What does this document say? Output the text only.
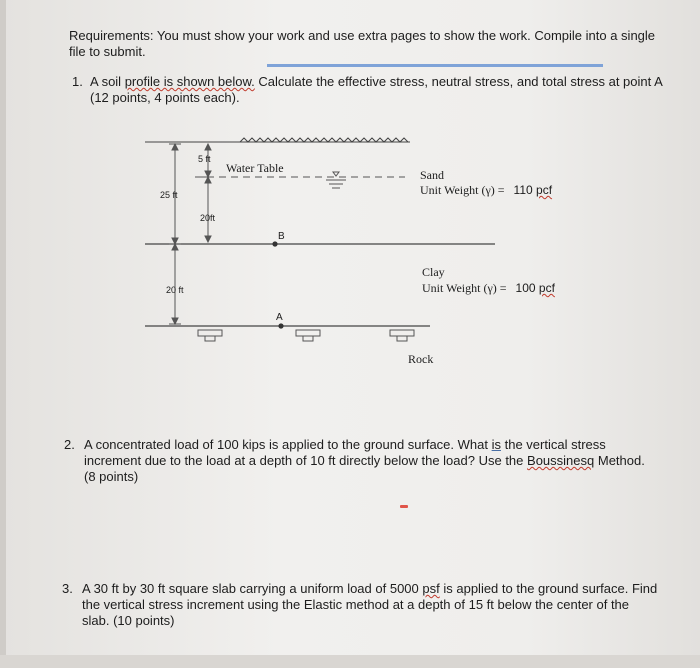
Requirements: You must show your work and use extra pages to show the work. Compile into a single
file to submit.
1. A soil profile is shown below. Calculate the effective stress, neutral stress, and total stress at point A
(12 points, 4 points each).
5 ft
Water Table
25 ft
20ft
20 ft
B
A
Sand
Unit Weight (γ) = 110 pcf
Clay
Unit Weight (γ) = 100 pcf
Rock
2. A concentrated load of 100 kips is applied to the ground surface. What is the vertical stress
increment due to the load at a depth of 10 ft directly below the load? Use the Boussinesq Method.
(8 points)
3. A 30 ft by 30 ft square slab carrying a uniform load of 5000 psf is applied to the ground surface. Find
the vertical stress increment using the Elastic method at a depth of 15 ft below the center of the
slab. (10 points)
